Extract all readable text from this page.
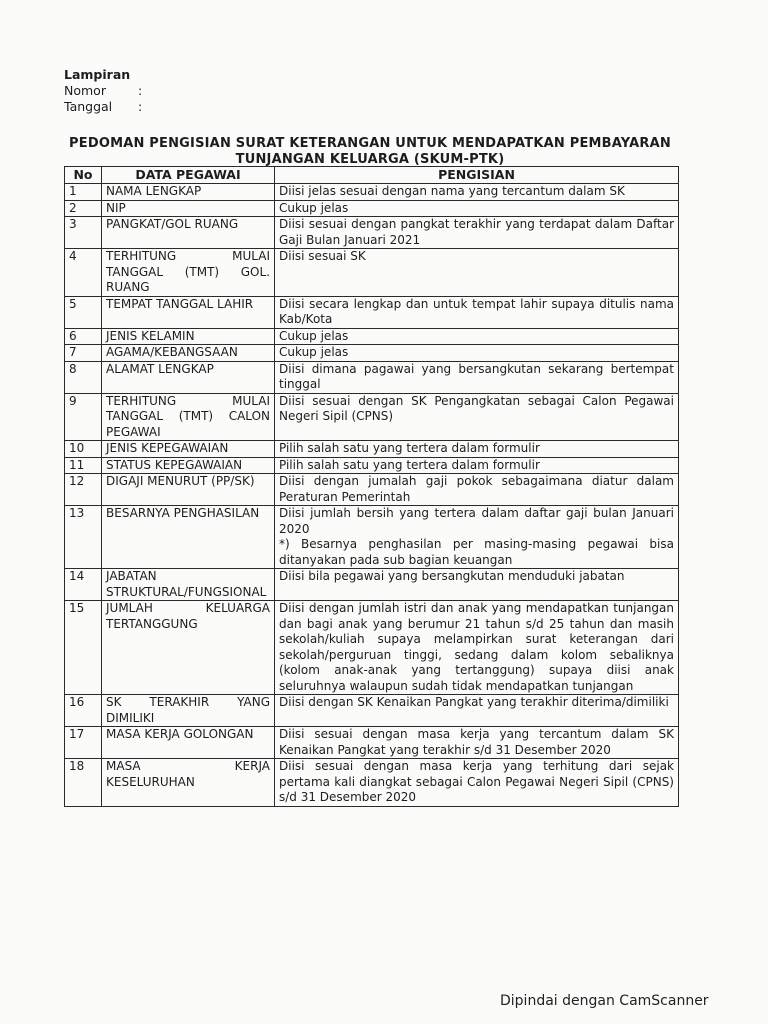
Lampiran
Nomor	:
Tanggal	:
PEDOMAN PENGISIAN SURAT KETERANGAN UNTUK MENDAPATKAN PEMBAYARAN
TUNJANGAN KELUARGA (SKUM-PTK)
No	DATA PEGAWAI	PENGISIAN

1	NAMA LENGKAP	Diisi jelas sesuai dengan nama yang tercantum dalam SK

2	NIP	Cukup jelas

3	PANGKAT/GOL RUANG	Diisi sesuai dengan pangkat terakhir yang terdapat dalam Daftar Gaji Bulan Januari 2021

4	TERHITUNG MULAI TANGGAL (TMT) GOL. RUANG	Diisi sesuai SK

5	TEMPAT TANGGAL LAHIR	Diisi secara lengkap dan untuk tempat lahir supaya ditulis nama Kab/Kota

6	JENIS KELAMIN	Cukup jelas

7	AGAMA/KEBANGSAAN	Cukup jelas

8	ALAMAT LENGKAP	Diisi dimana pagawai yang bersangkutan sekarang bertempat tinggal

9	TERHITUNG MULAI TANGGAL (TMT) CALON PEGAWAI	Diisi sesuai dengan SK Pengangkatan sebagai Calon Pegawai Negeri Sipil (CPNS)

10	JENIS KEPEGAWAIAN	Pilih salah satu yang tertera dalam formulir

11	STATUS KEPEGAWAIAN	Pilih salah satu yang tertera dalam formulir

12	DIGAJI MENURUT (PP/SK)	Diisi dengan jumalah gaji pokok sebagaimana diatur dalam Peraturan Pemerintah

13	BESARNYA PENGHASILAN	Diisi jumlah bersih yang tertera dalam daftar gaji bulan Januari 2020
*) Besarnya penghasilan per masing-masing pegawai bisa ditanyakan pada sub bagian keuangan

14	JABATAN STRUKTURAL/FUNGSIONAL	Diisi bila pegawai yang bersangkutan menduduki jabatan

15	JUMLAH KELUARGA TERTANGGUNG	Diisi dengan jumlah istri dan anak yang mendapatkan tunjangan dan bagi anak yang berumur 21 tahun s/d 25 tahun dan masih sekolah/kuliah supaya melampirkan surat keterangan dari sekolah/perguruan tinggi, sedang dalam kolom sebaliknya (kolom anak-anak yang tertanggung) supaya diisi anak seluruhnya walaupun sudah tidak mendapatkan tunjangan

16	SK TERAKHIR YANG DIMILIKI	Diisi dengan SK Kenaikan Pangkat yang terakhir diterima/dimiliki

17	MASA KERJA GOLONGAN	Diisi sesuai dengan masa kerja yang tercantum dalam SK Kenaikan Pangkat yang terakhir s/d 31 Desember 2020

18	MASA KERJA KESELURUHAN	Diisi sesuai dengan masa kerja yang terhitung dari sejak pertama kali diangkat sebagai Calon Pegawai Negeri Sipil (CPNS) s/d 31 Desember 2020
Dipindai dengan CamScanner
